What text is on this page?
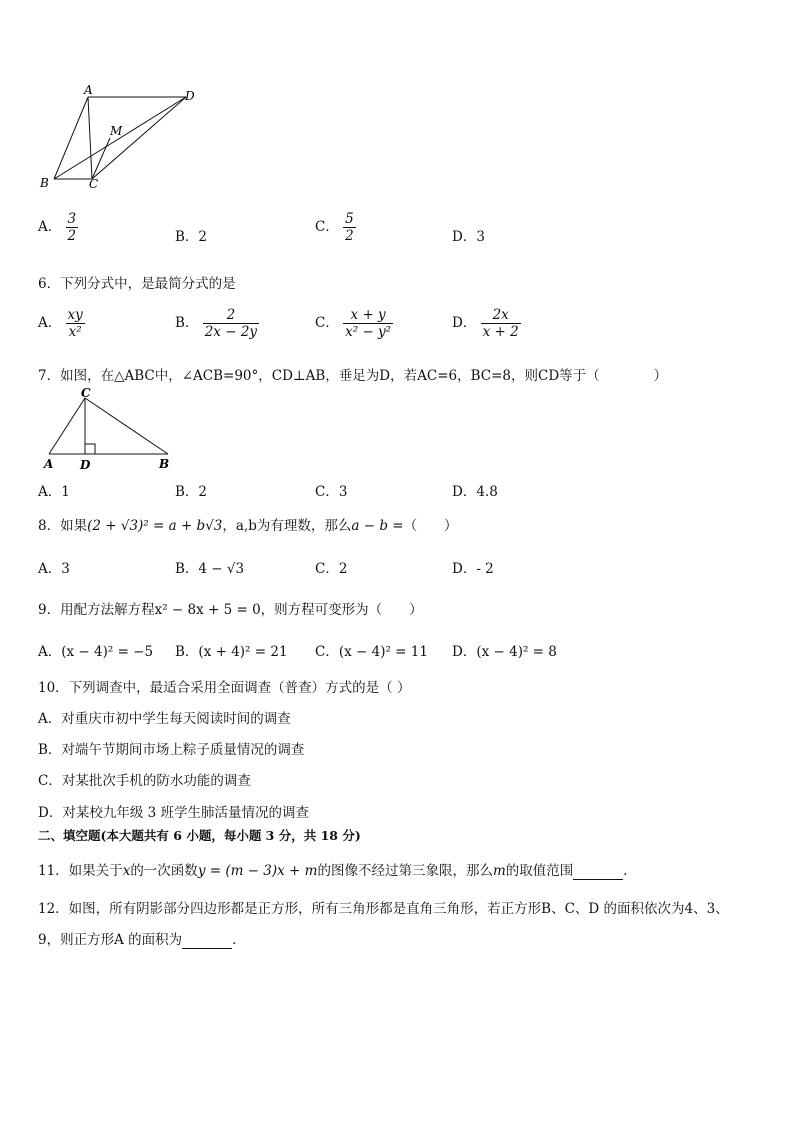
A	D
M
B	C
A． $\frac{3}{2}$	B．2
C． $\frac{5}{2}$	D．3
6．下列分式中，是最简分式的是
A． $\frac{xy}{\text{x²}}$	B． $\frac{2}{2x - 2y}$	C． $\frac{x + y}{\text{x² − y²}}$	D． $\frac{2x}{x + 2}$
7．如图，在△ABC中，∠ACB=90°，CD⊥AB，垂足为D，若AC=6，BC=8，则CD等于（　　　　）
C
A D	B
A．1	B．2	C．3	D．4.8
8．如果(2 + √3)² = a + b√3，a,b为有理数，那么a − b =（　　）
A．3	B．4 − √3	C．2	D．- 2
9．用配方法解方程x² − 8x + 5 = 0，则方程可变形为（　　）
A．(x − 4)² = −5 B．(x + 4)² = 21 C．(x − 4)² = 11 D．(x − 4)² = 8
10．下列调查中，最适合采用全面调查（普查）方式的是（ ）
A．对重庆市初中学生每天阅读时间的调查
B．对端午节期间市场上粽子质量情况的调查
C．对某批次手机的防水功能的调查
D．对某校九年级 3 班学生肺活量情况的调查
二、填空题(本大题共有 6 小题，每小题 3 分，共 18 分)
11．如果关于x的一次函数y = (m − 3)x + m的图像不经过第三象限，那么m的取值范围	.
12．如图，所有阴影部分四边形都是正方形，所有三角形都是直角三角形，若正方形B、C、D 的面积依次为4、3、
9，则正方形A 的面积为	．
